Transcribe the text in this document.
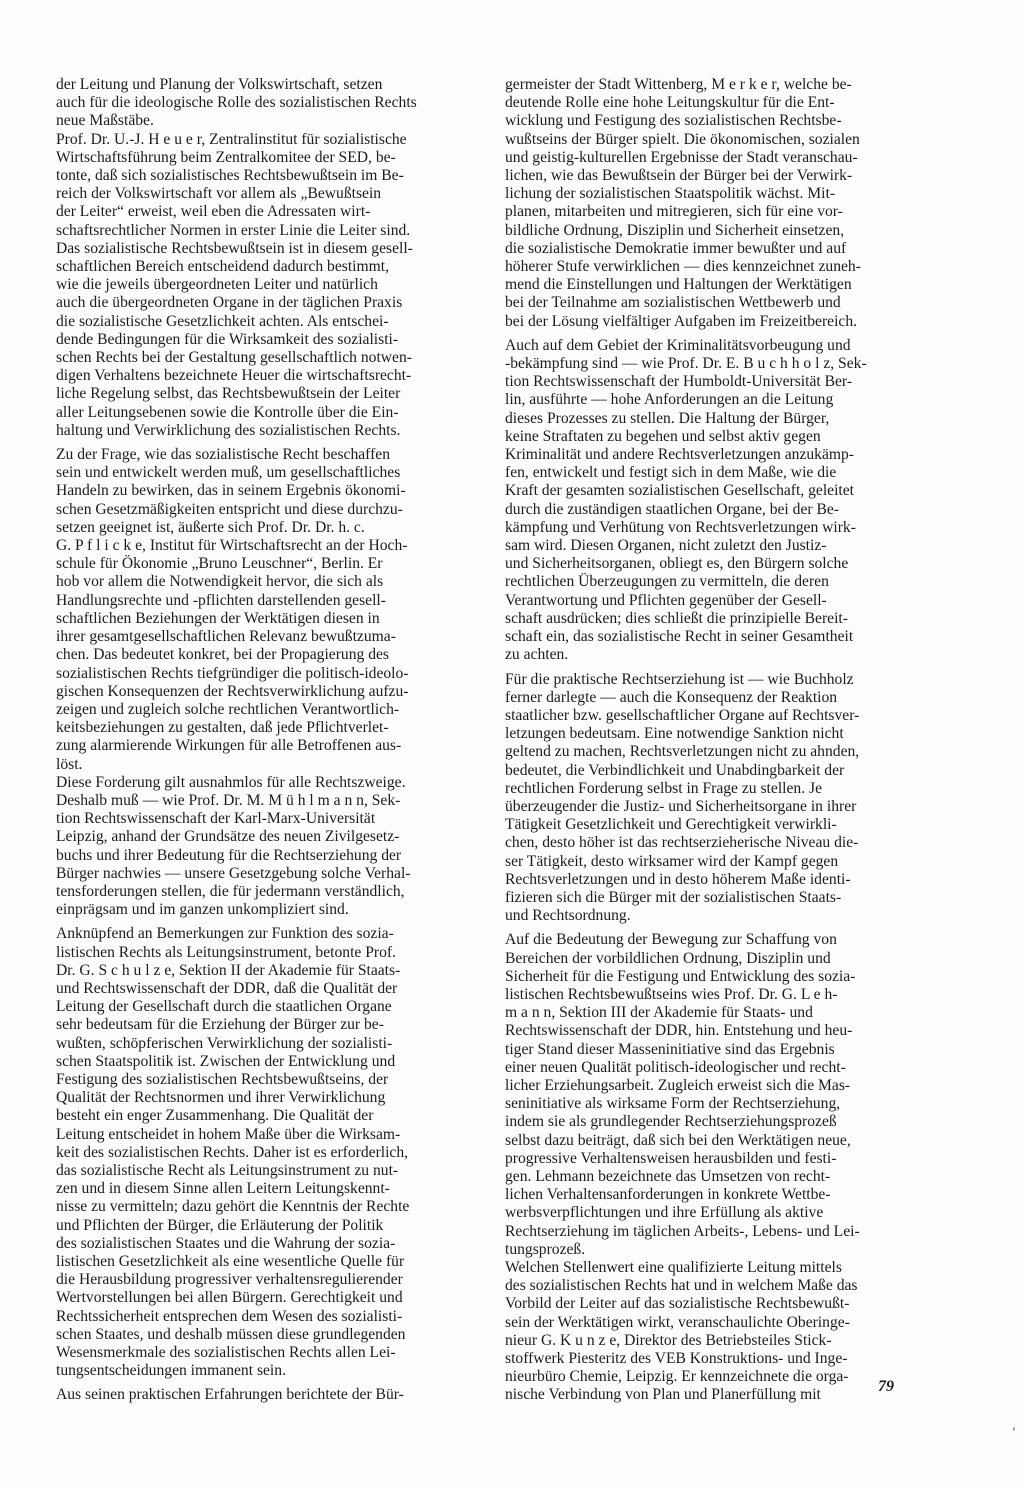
der Leitung und Planung der Volkswirtschaft, setzen
auch für die ideologische Rolle des sozialistischen Rechts
neue Maßstäbe.
Prof. Dr. U.-J. H e u e r, Zentralinstitut für sozialistische
Wirtschaftsführung beim Zentralkomitee der SED, be-
tonte, daß sich sozialistisches Rechtsbewußtsein im Be-
reich der Volkswirtschaft vor allem als „Bewußtsein
der Leiter“ erweist, weil eben die Adressaten wirt-
schaftsrechtlicher Normen in erster Linie die Leiter sind.
Das sozialistische Rechtsbewußtsein ist in diesem gesell-
schaftlichen Bereich entscheidend dadurch bestimmt,
wie die jeweils übergeordneten Leiter und natürlich
auch die übergeordneten Organe in der täglichen Praxis
die sozialistische Gesetzlichkeit achten. Als entschei-
dende Bedingungen für die Wirksamkeit des sozialisti-
schen Rechts bei der Gestaltung gesellschaftlich notwen-
digen Verhaltens bezeichnete Heuer die wirtschaftsrecht-
liche Regelung selbst, das Rechtsbewußtsein der Leiter
aller Leitungsebenen sowie die Kontrolle über die Ein-
haltung und Verwirklichung des sozialistischen Rechts.

Zu der Frage, wie das sozialistische Recht beschaffen
sein und entwickelt werden muß, um gesellschaftliches
Handeln zu bewirken, das in seinem Ergebnis ökonomi-
schen Gesetzmäßigkeiten entspricht und diese durchzu-
setzen geeignet ist, äußerte sich Prof. Dr. Dr. h. c.
G. P f l i c k e, Institut für Wirtschaftsrecht an der Hoch-
schule für Ökonomie „Bruno Leuschner“, Berlin. Er
hob vor allem die Notwendigkeit hervor, die sich als
Handlungsrechte und -pflichten darstellenden gesell-
schaftlichen Beziehungen der Werktätigen diesen in
ihrer gesamtgesellschaftlichen Relevanz bewußtzuma-
chen. Das bedeutet konkret, bei der Propagierung des
sozialistischen Rechts tiefgründiger die politisch-ideolo-
gischen Konsequenzen der Rechtsverwirklichung aufzu-
zeigen und zugleich solche rechtlichen Verantwortlich-
keitsbeziehungen zu gestalten, daß jede Pflichtverlet-
zung alarmierende Wirkungen für alle Betroffenen aus-
löst.
Diese Forderung gilt ausnahmlos für alle Rechtszweige.
Deshalb muß — wie Prof. Dr. M. M ü h l m a n n, Sek-
tion Rechtswissenschaft der Karl-Marx-Universität
Leipzig, anhand der Grundsätze des neuen Zivilgesetz-
buchs und ihrer Bedeutung für die Rechtserziehung der
Bürger nachwies — unsere Gesetzgebung solche Verhal-
tensforderungen stellen, die für jedermann verständlich,
einprägsam und im ganzen unkompliziert sind.

Anknüpfend an Bemerkungen zur Funktion des sozia-
listischen Rechts als Leitungsinstrument, betonte Prof.
Dr. G. S c h u l z e, Sektion II der Akademie für Staats-
und Rechtswissenschaft der DDR, daß die Qualität der
Leitung der Gesellschaft durch die staatlichen Organe
sehr bedeutsam für die Erziehung der Bürger zur be-
wußten, schöpferischen Verwirklichung der sozialisti-
schen Staatspolitik ist. Zwischen der Entwicklung und
Festigung des sozialistischen Rechtsbewußtseins, der
Qualität der Rechtsnormen und ihrer Verwirklichung
besteht ein enger Zusammenhang. Die Qualität der
Leitung entscheidet in hohem Maße über die Wirksam-
keit des sozialistischen Rechts. Daher ist es erforderlich,
das sozialistische Recht als Leitungsinstrument zu nut-
zen und in diesem Sinne allen Leitern Leitungskennt-
nisse zu vermitteln; dazu gehört die Kenntnis der Rechte
und Pflichten der Bürger, die Erläuterung der Politik
des sozialistischen Staates und die Wahrung der sozia-
listischen Gesetzlichkeit als eine wesentliche Quelle für
die Herausbildung progressiver verhaltensregulierender
Wertvorstellungen bei allen Bürgern. Gerechtigkeit und
Rechtssicherheit entsprechen dem Wesen des sozialisti-
schen Staates, und deshalb müssen diese grundlegenden
Wesensmerkmale des sozialistischen Rechts allen Lei-
tungsentscheidungen immanent sein.

Aus seinen praktischen Erfahrungen berichtete der Bür-

germeister der Stadt Wittenberg, M e r k e r, welche be-
deutende Rolle eine hohe Leitungskultur für die Ent-
wicklung und Festigung des sozialistischen Rechtsbe-
wußtseins der Bürger spielt. Die ökonomischen, sozialen
und geistig-kulturellen Ergebnisse der Stadt veranschau-
lichen, wie das Bewußtsein der Bürger bei der Verwirk-
lichung der sozialistischen Staatspolitik wächst. Mit-
planen, mitarbeiten und mitregieren, sich für eine vor-
bildliche Ordnung, Disziplin und Sicherheit einsetzen,
die sozialistische Demokratie immer bewußter und auf
höherer Stufe verwirklichen — dies kennzeichnet zuneh-
mend die Einstellungen und Haltungen der Werktätigen
bei der Teilnahme am sozialistischen Wettbewerb und
bei der Lösung vielfältiger Aufgaben im Freizeitbereich.

Auch auf dem Gebiet der Kriminalitätsvorbeugung und
-bekämpfung sind — wie Prof. Dr. E. B u c h h o l z, Sek-
tion Rechtswissenschaft der Humboldt-Universität Ber-
lin, ausführte — hohe Anforderungen an die Leitung
dieses Prozesses zu stellen. Die Haltung der Bürger,
keine Straftaten zu begehen und selbst aktiv gegen
Kriminalität und andere Rechtsverletzungen anzukämp-
fen, entwickelt und festigt sich in dem Maße, wie die
Kraft der gesamten sozialistischen Gesellschaft, geleitet
durch die zuständigen staatlichen Organe, bei der Be-
kämpfung und Verhütung von Rechtsverletzungen wirk-
sam wird. Diesen Organen, nicht zuletzt den Justiz-
und Sicherheitsorganen, obliegt es, den Bürgern solche
rechtlichen Überzeugungen zu vermitteln, die deren
Verantwortung und Pflichten gegenüber der Gesell-
schaft ausdrücken; dies schließt die prinzipielle Bereit-
schaft ein, das sozialistische Recht in seiner Gesamtheit
zu achten.

Für die praktische Rechtserziehung ist — wie Buchholz
ferner darlegte — auch die Konsequenz der Reaktion
staatlicher bzw. gesellschaftlicher Organe auf Rechtsver-
letzungen bedeutsam. Eine notwendige Sanktion nicht
geltend zu machen, Rechtsverletzungen nicht zu ahnden,
bedeutet, die Verbindlichkeit und Unabdingbarkeit der
rechtlichen Forderung selbst in Frage zu stellen. Je
überzeugender die Justiz- und Sicherheitsorgane in ihrer
Tätigkeit Gesetzlichkeit und Gerechtigkeit verwirkli-
chen, desto höher ist das rechtserzieherische Niveau die-
ser Tätigkeit, desto wirksamer wird der Kampf gegen
Rechtsverletzungen und in desto höherem Maße identi-
fizieren sich die Bürger mit der sozialistischen Staats-
und Rechtsordnung.

Auf die Bedeutung der Bewegung zur Schaffung von
Bereichen der vorbildlichen Ordnung, Disziplin und
Sicherheit für die Festigung und Entwicklung des sozia-
listischen Rechtsbewußtseins wies Prof. Dr. G. L e h-
m a n n, Sektion III der Akademie für Staats- und
Rechtswissenschaft der DDR, hin. Entstehung und heu-
tiger Stand dieser Masseninitiative sind das Ergebnis
einer neuen Qualität politisch-ideologischer und recht-
licher Erziehungsarbeit. Zugleich erweist sich die Mas-
seninitiative als wirksame Form der Rechtserziehung,
indem sie als grundlegender Rechtserziehungsprozeß
selbst dazu beiträgt, daß sich bei den Werktätigen neue,
progressive Verhaltensweisen herausbilden und festi-
gen. Lehmann bezeichnete das Umsetzen von recht-
lichen Verhaltensanforderungen in konkrete Wettbe-
werbsverpflichtungen und ihre Erfüllung als aktive
Rechtserziehung im täglichen Arbeits-, Lebens- und Lei-
tungsprozeß.
Welchen Stellenwert eine qualifizierte Leitung mittels
des sozialistischen Rechts hat und in welchem Maße das
Vorbild der Leiter auf das sozialistische Rechtsbewußt-
sein der Werktätigen wirkt, veranschaulichte Oberinge-
nieur G. K u n z e, Direktor des Betriebsteiles Stick-
stoffwerk Piesteritz des VEB Konstruktions- und Inge-
nieurbüro Chemie, Leipzig. Er kennzeichnete die orga-
nische Verbindung von Plan und Planerfüllung mit	79
‚
